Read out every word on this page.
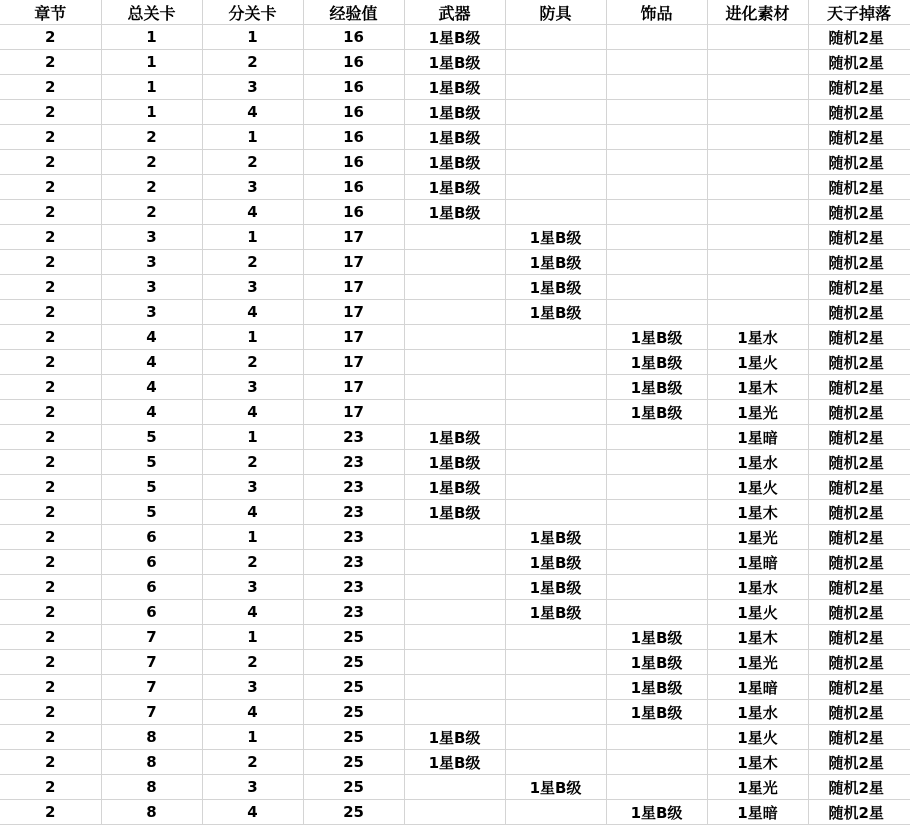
章节	总关卡	分关卡	经验值	武器	防具	饰品	进化素材	天子掉落
2	1	1	16	1星B级				随机2星
2	1	2	16	1星B级				随机2星
2	1	3	16	1星B级				随机2星
2	1	4	16	1星B级				随机2星
2	2	1	16	1星B级				随机2星
2	2	2	16	1星B级				随机2星
2	2	3	16	1星B级				随机2星
2	2	4	16	1星B级				随机2星
2	3	1	17		1星B级			随机2星
2	3	2	17		1星B级			随机2星
2	3	3	17		1星B级			随机2星
2	3	4	17		1星B级			随机2星
2	4	1	17			1星B级	1星水	随机2星
2	4	2	17			1星B级	1星火	随机2星
2	4	3	17			1星B级	1星木	随机2星
2	4	4	17			1星B级	1星光	随机2星
2	5	1	23	1星B级			1星暗	随机2星
2	5	2	23	1星B级			1星水	随机2星
2	5	3	23	1星B级			1星火	随机2星
2	5	4	23	1星B级			1星木	随机2星
2	6	1	23		1星B级		1星光	随机2星
2	6	2	23		1星B级		1星暗	随机2星
2	6	3	23		1星B级		1星水	随机2星
2	6	4	23		1星B级		1星火	随机2星
2	7	1	25			1星B级	1星木	随机2星
2	7	2	25			1星B级	1星光	随机2星
2	7	3	25			1星B级	1星暗	随机2星
2	7	4	25			1星B级	1星水	随机2星
2	8	1	25	1星B级			1星火	随机2星
2	8	2	25	1星B级			1星木	随机2星
2	8	3	25		1星B级		1星光	随机2星
2	8	4	25			1星B级	1星暗	随机2星
